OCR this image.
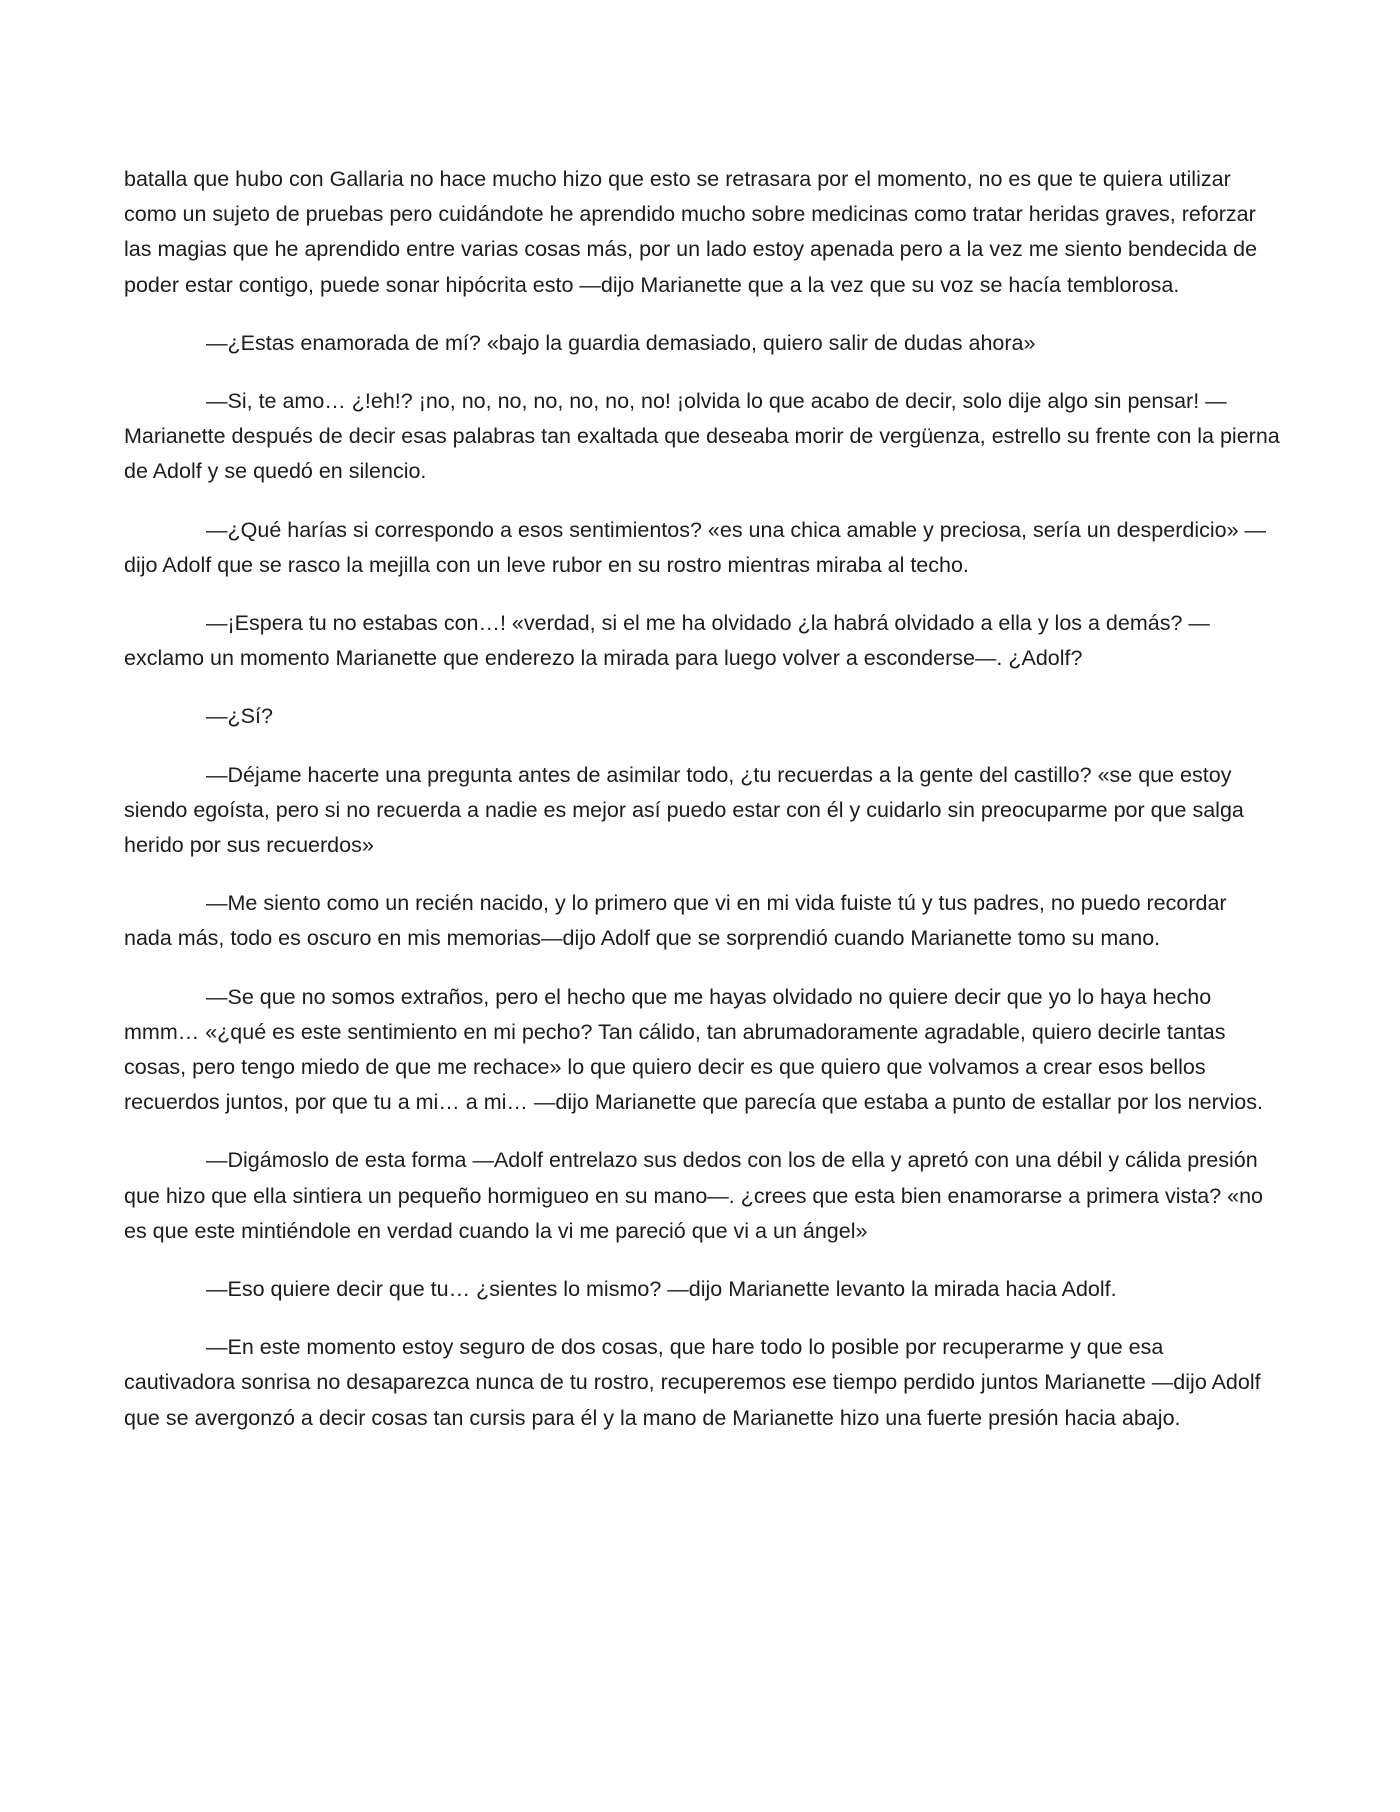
batalla que hubo con Gallaria no hace mucho hizo que esto se retrasara por el momento, no es que te quiera utilizar como un sujeto de pruebas pero cuidándote he aprendido mucho sobre medicinas como tratar heridas graves, reforzar las magias que he aprendido entre varias cosas más, por un lado estoy apenada pero a la vez me siento bendecida de poder estar contigo, puede sonar hipócrita esto —dijo Marianette que a la vez que su voz se hacía temblorosa.

—¿Estas enamorada de mí? «bajo la guardia demasiado, quiero salir de dudas ahora»

—Si, te amo… ¿!eh!? ¡no, no, no, no, no, no, no! ¡olvida lo que acabo de decir, solo dije algo sin pensar! —Marianette después de decir esas palabras tan exaltada que deseaba morir de vergüenza, estrello su frente con la pierna de Adolf y se quedó en silencio.

—¿Qué harías si correspondo a esos sentimientos? «es una chica amable y preciosa, sería un desperdicio» —dijo Adolf que se rasco la mejilla con un leve rubor en su rostro mientras miraba al techo.

—¡Espera tu no estabas con…! «verdad, si el me ha olvidado ¿la habrá olvidado a ella y los a demás? —exclamo un momento Marianette que enderezo la mirada para luego volver a esconderse—. ¿Adolf?

—¿Sí?

—Déjame hacerte una pregunta antes de asimilar todo, ¿tu recuerdas a la gente del castillo? «se que estoy siendo egoísta, pero si no recuerda a nadie es mejor así puedo estar con él y cuidarlo sin preocuparme por que salga herido por sus recuerdos»

—Me siento como un recién nacido, y lo primero que vi en mi vida fuiste tú y tus padres, no puedo recordar nada más, todo es oscuro en mis memorias—dijo Adolf que se sorprendió cuando Marianette tomo su mano.

—Se que no somos extraños, pero el hecho que me hayas olvidado no quiere decir que yo lo haya hecho mmm… «¿qué es este sentimiento en mi pecho? Tan cálido, tan abrumadoramente agradable, quiero decirle tantas cosas, pero tengo miedo de que me rechace» lo que quiero decir es que quiero que volvamos a crear esos bellos recuerdos juntos, por que tu a mi… a mi… —dijo Marianette que parecía que estaba a punto de estallar por los nervios.

—Digámoslo de esta forma —Adolf entrelazo sus dedos con los de ella y apretó con una débil y cálida presión que hizo que ella sintiera un pequeño hormigueo en su mano—. ¿crees que esta bien enamorarse a primera vista? «no es que este mintiéndole en verdad cuando la vi me pareció que vi a un ángel»

—Eso quiere decir que tu… ¿sientes lo mismo? —dijo Marianette levanto la mirada hacia Adolf.

—En este momento estoy seguro de dos cosas, que hare todo lo posible por recuperarme y que esa cautivadora sonrisa no desaparezca nunca de tu rostro, recuperemos ese tiempo perdido juntos Marianette —dijo Adolf que se avergonzó a decir cosas tan cursis para él y la mano de Marianette hizo una fuerte presión hacia abajo.
